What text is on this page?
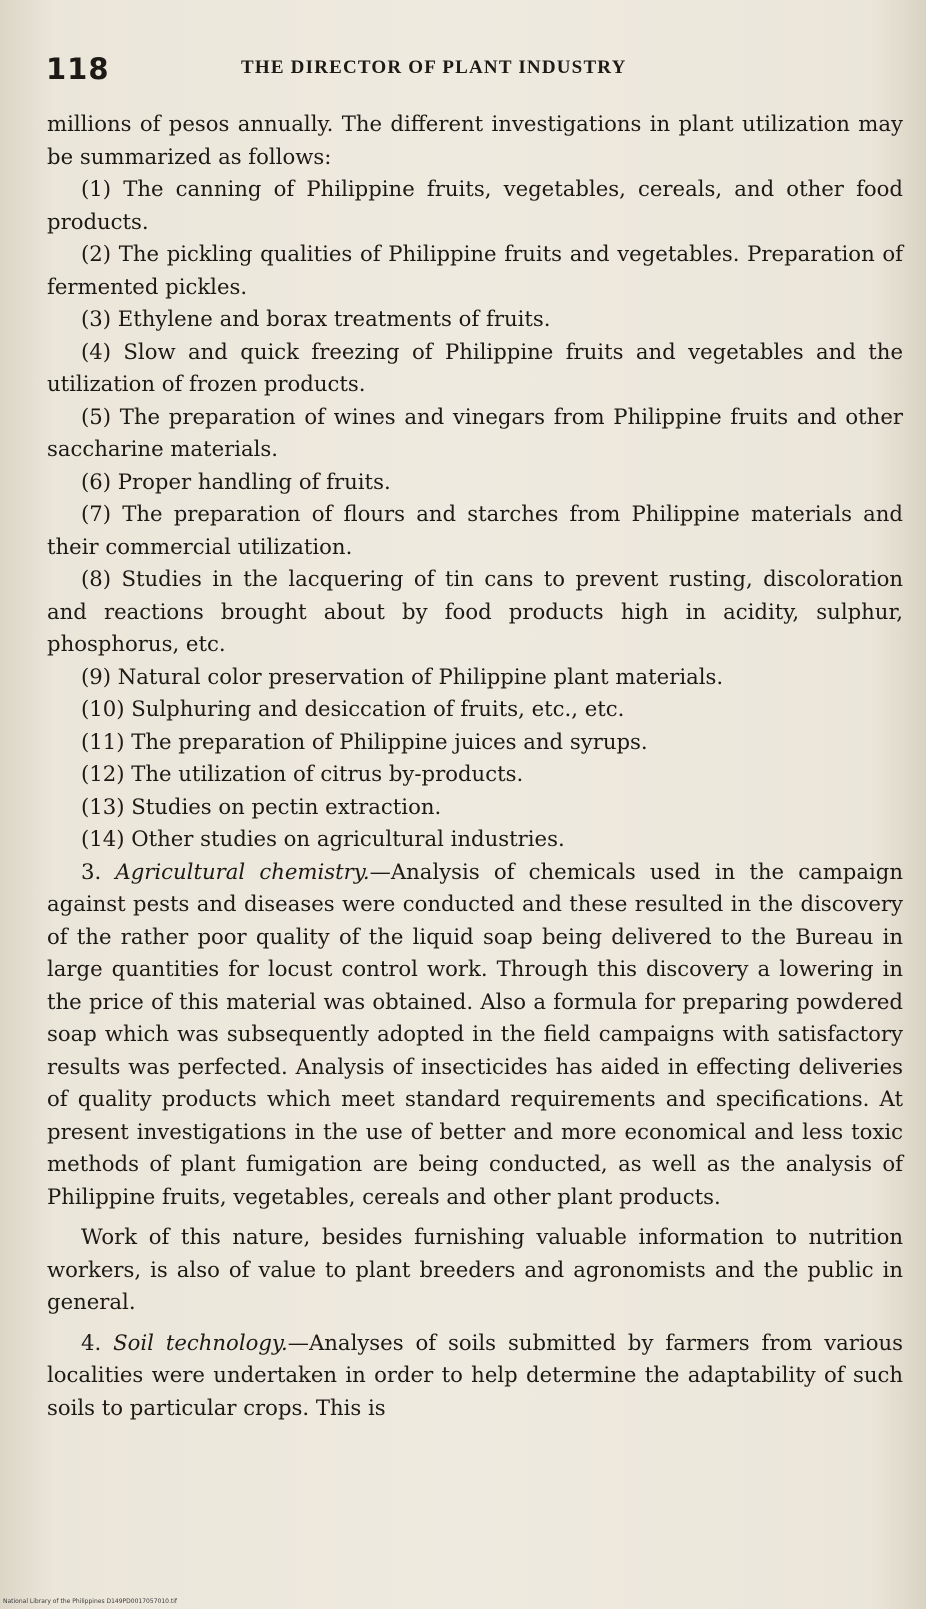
118	THE DIRECTOR OF PLANT INDUSTRY

millions of pesos annually. The different investigations in plant utilization may be summarized as follows:

(1) The canning of Philippine fruits, vegetables, cereals, and other food products.

(2) The pickling qualities of Philippine fruits and vegetables. Preparation of fermented pickles.

(3) Ethylene and borax treatments of fruits.

(4) Slow and quick freezing of Philippine fruits and vegetables and the utilization of frozen products.

(5) The preparation of wines and vinegars from Philippine fruits and other saccharine materials.

(6) Proper handling of fruits.

(7) The preparation of flours and starches from Philippine materials and their commercial utilization.

(8) Studies in the lacquering of tin cans to prevent rusting, discoloration and reactions brought about by food products high in acidity, sulphur, phosphorus, etc.

(9) Natural color preservation of Philippine plant materials.

(10) Sulphuring and desiccation of fruits, etc., etc.

(11) The preparation of Philippine juices and syrups.

(12) The utilization of citrus by-products.

(13) Studies on pectin extraction.

(14) Other studies on agricultural industries.

3. Agricultural chemistry.—Analysis of chemicals used in the campaign against pests and diseases were conducted and these resulted in the discovery of the rather poor quality of the liquid soap being delivered to the Bureau in large quantities for locust control work. Through this discovery a lowering in the price of this material was obtained. Also a formula for preparing powdered soap which was subsequently adopted in the field campaigns with satisfactory results was perfected. Analysis of insecticides has aided in effecting deliveries of quality products which meet standard requirements and specifications. At present investigations in the use of better and more economical and less toxic methods of plant fumigation are being conducted, as well as the analysis of Philippine fruits, vegetables, cereals and other plant products.

Work of this nature, besides furnishing valuable information to nutrition workers, is also of value to plant breeders and agronomists and the public in general.

4. Soil technology.—Analyses of soils submitted by farmers from various localities were undertaken in order to help determine the adaptability of such soils to particular crops. This is

National Library of the Philippines D149PD0017057010.tif
